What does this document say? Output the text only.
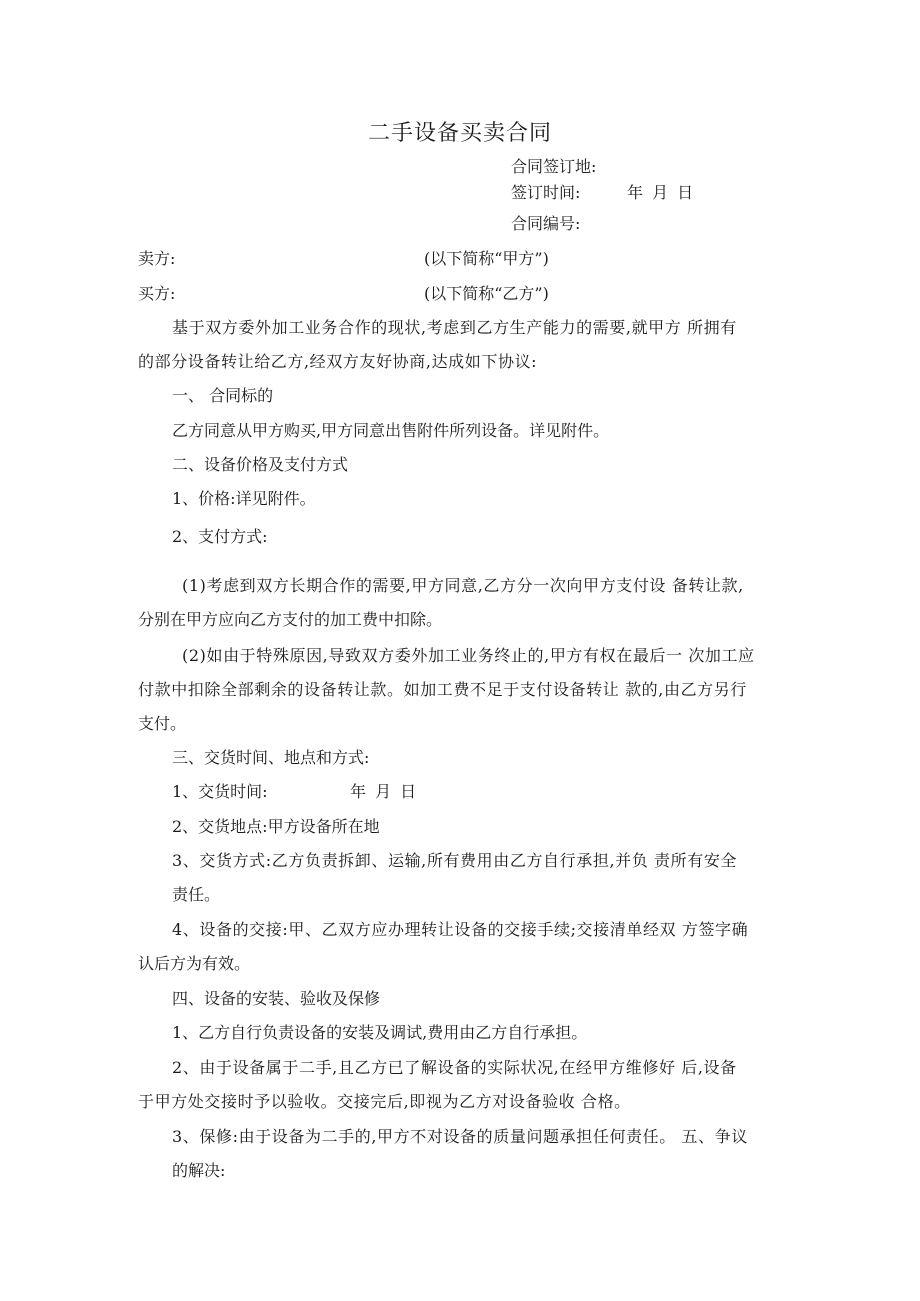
二手设备买卖合同
合同签订地:
签订时间:	年 月 日
合同编号:
卖方:	(以下简称“甲方”)
买方:	(以下简称“乙方”)
基于双方委外加工业务合作的现状,考虑到乙方生产能力的需要,就甲方 所拥有
的部分设备转让给乙方,经双方友好协商,达成如下协议:
一、 合同标的
乙方同意从甲方购买,甲方同意出售附件所列设备。详见附件。
二、设备价格及支付方式
1、价格:详见附件。
2、支付方式:
(1)考虑到双方长期合作的需要,甲方同意,乙方分一次向甲方支付设 备转让款,
分别在甲方应向乙方支付的加工费中扣除。
(2)如由于特殊原因,导致双方委外加工业务终止的,甲方有权在最后一 次加工应
付款中扣除全部剩余的设备转让款。如加工费不足于支付设备转让 款的,由乙方另行
支付。
三、交货时间、地点和方式:
1、交货时间:	年 月 日
2、交货地点:甲方设备所在地
3、交货方式:乙方负责拆卸、运输,所有费用由乙方自行承担,并负 责所有安全
责任。
4、设备的交接:甲、乙双方应办理转让设备的交接手续;交接清单经双 方签字确
认后方为有效。
四、设备的安装、验收及保修
1、乙方自行负责设备的安装及调试,费用由乙方自行承担。
2、由于设备属于二手,且乙方已了解设备的实际状况,在经甲方维修好 后,设备
于甲方处交接时予以验收。交接完后,即视为乙方对设备验收 合格。
3、保修:由于设备为二手的,甲方不对设备的质量问题承担任何责任。 五、争议
的解决:
